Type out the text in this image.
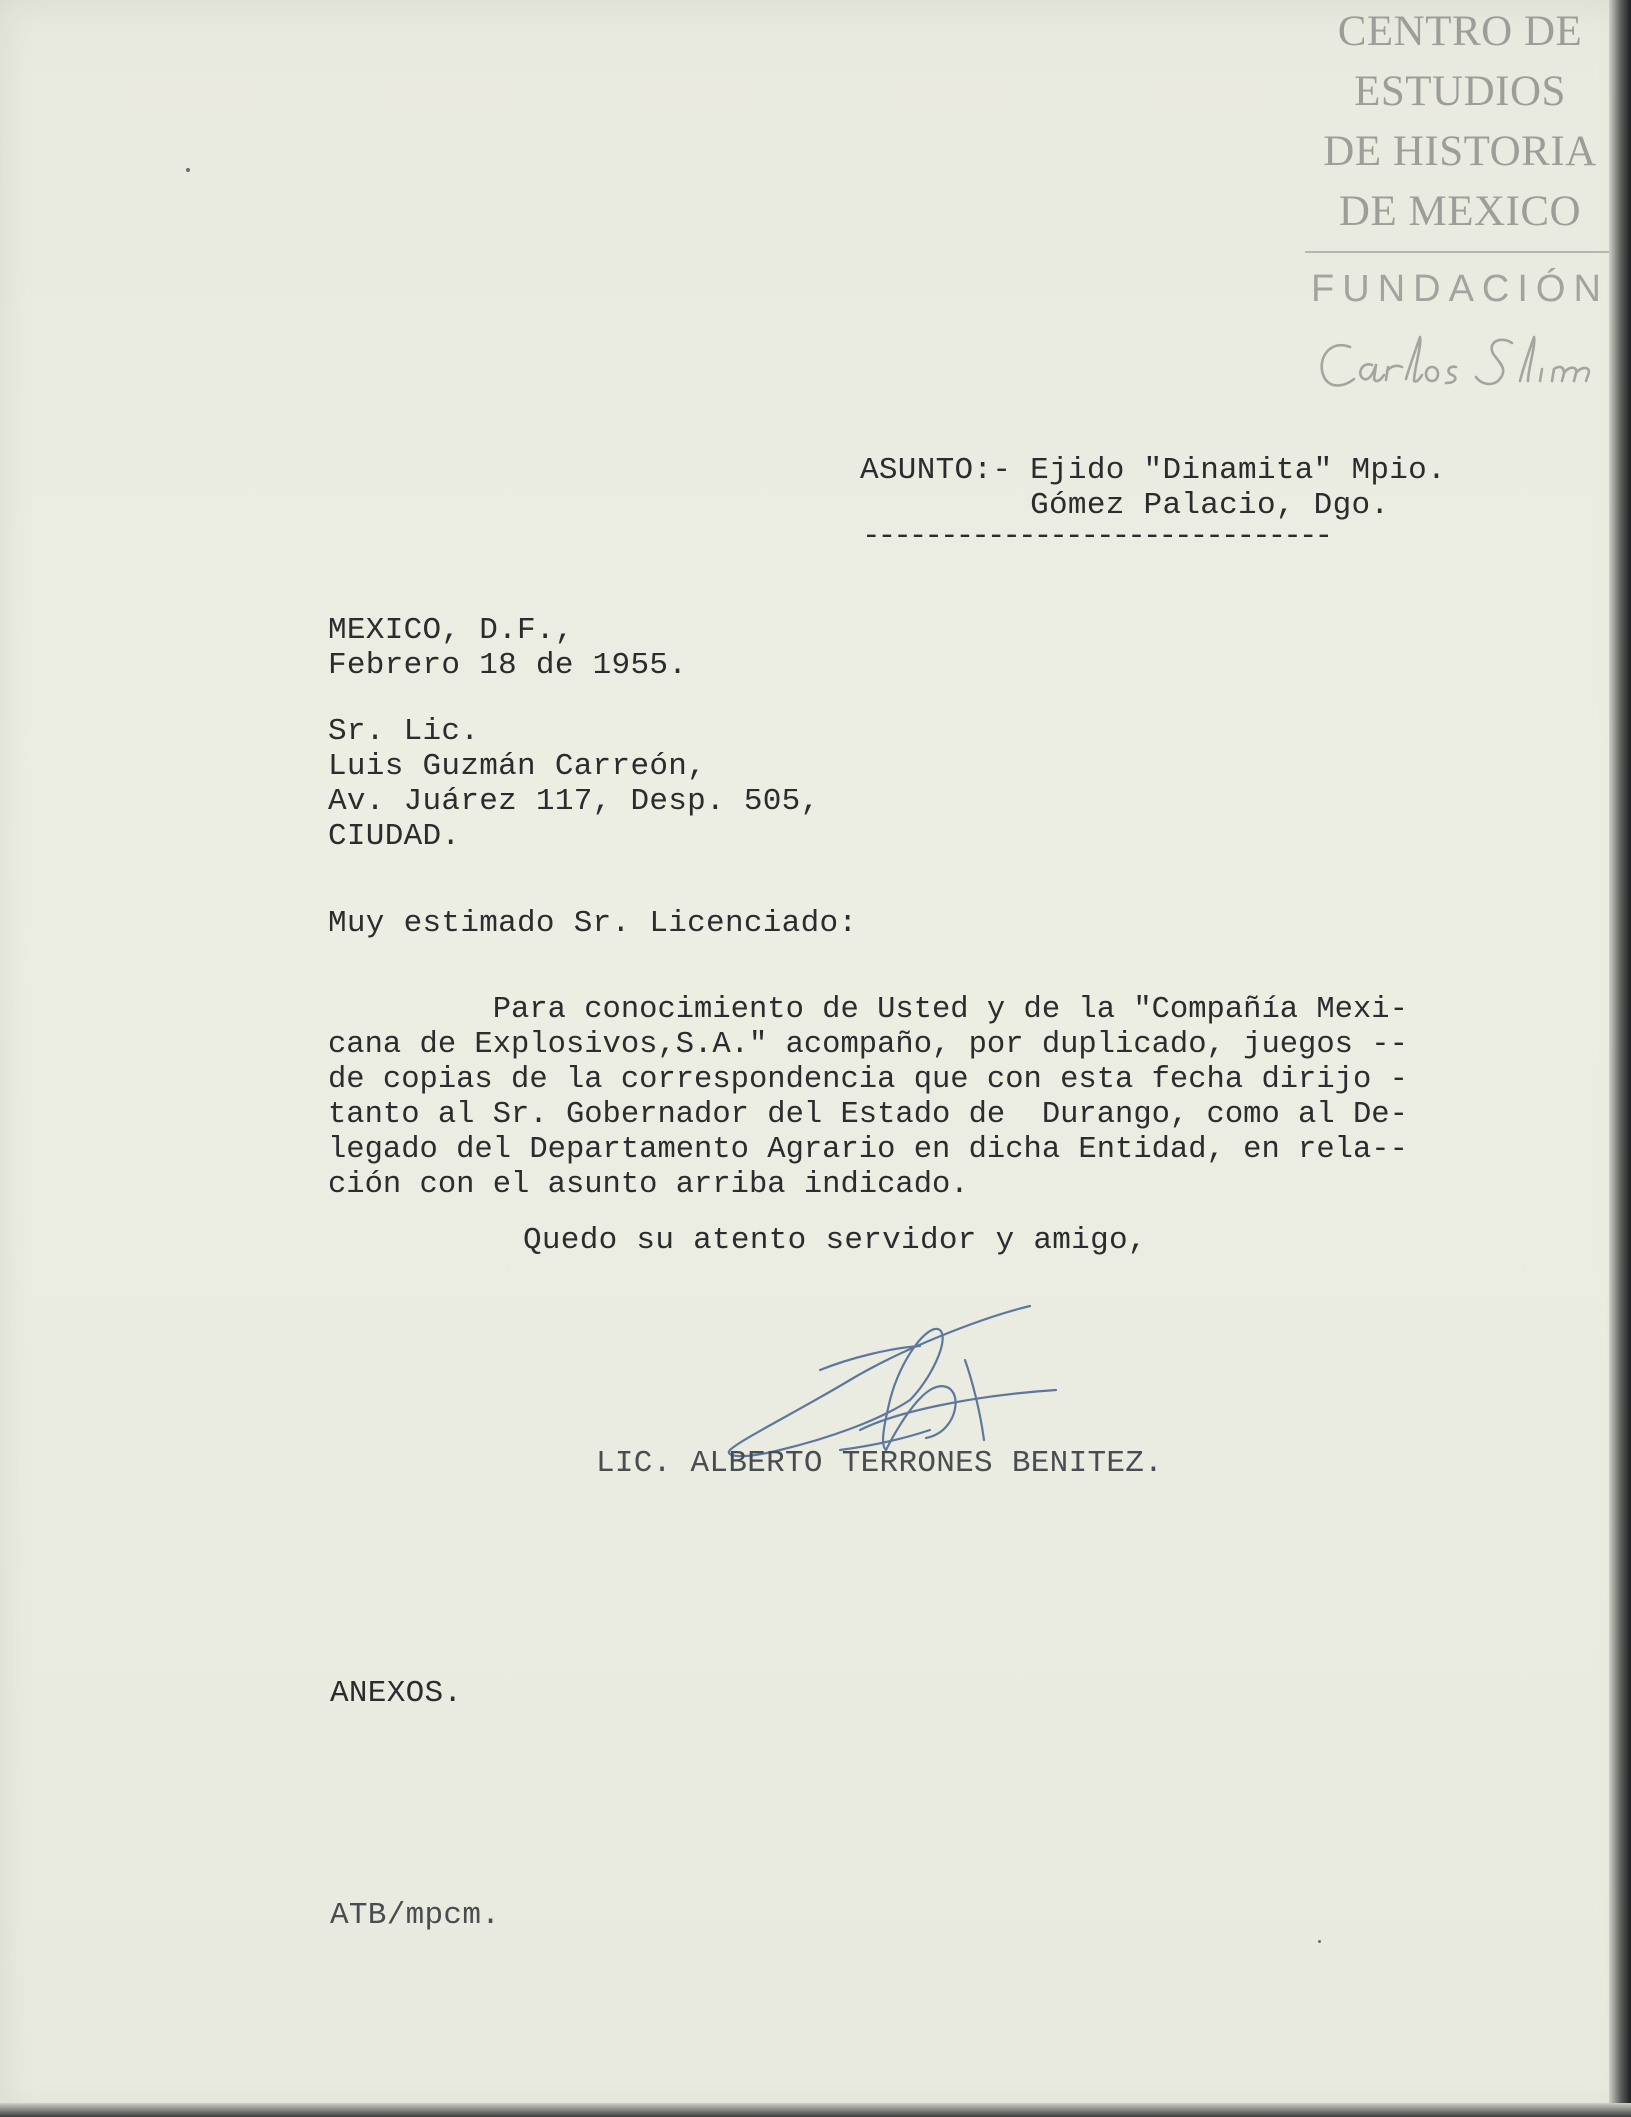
CENTRO DE
ESTUDIOS
DE HISTORIA
DE MEXICO
FUNDACIÓN
ASUNTO:- Ejido "Dinamita" Mpio.
Gómez Palacio, Dgo.
------------------------------
MEXICO, D.F.,
Febrero 18 de 1955.
Sr. Lic.
Luis Guzmán Carreón,
Av. Juárez 117, Desp. 505,
CIUDAD.
Muy estimado Sr. Licenciado:
Para conocimiento de Usted y de la "Compañía Mexi-
cana de Explosivos,S.A." acompaño, por duplicado, juegos --
de copias de la correspondencia que con esta fecha dirijo -
tanto al Sr. Gobernador del Estado de  Durango, como al De-
legado del Departamento Agrario en dicha Entidad, en rela--
ción con el asunto arriba indicado.
Quedo su atento servidor y amigo,
LIC. ALBERTO TERRONES BENITEZ.
ANEXOS.
ATB/mpcm.
